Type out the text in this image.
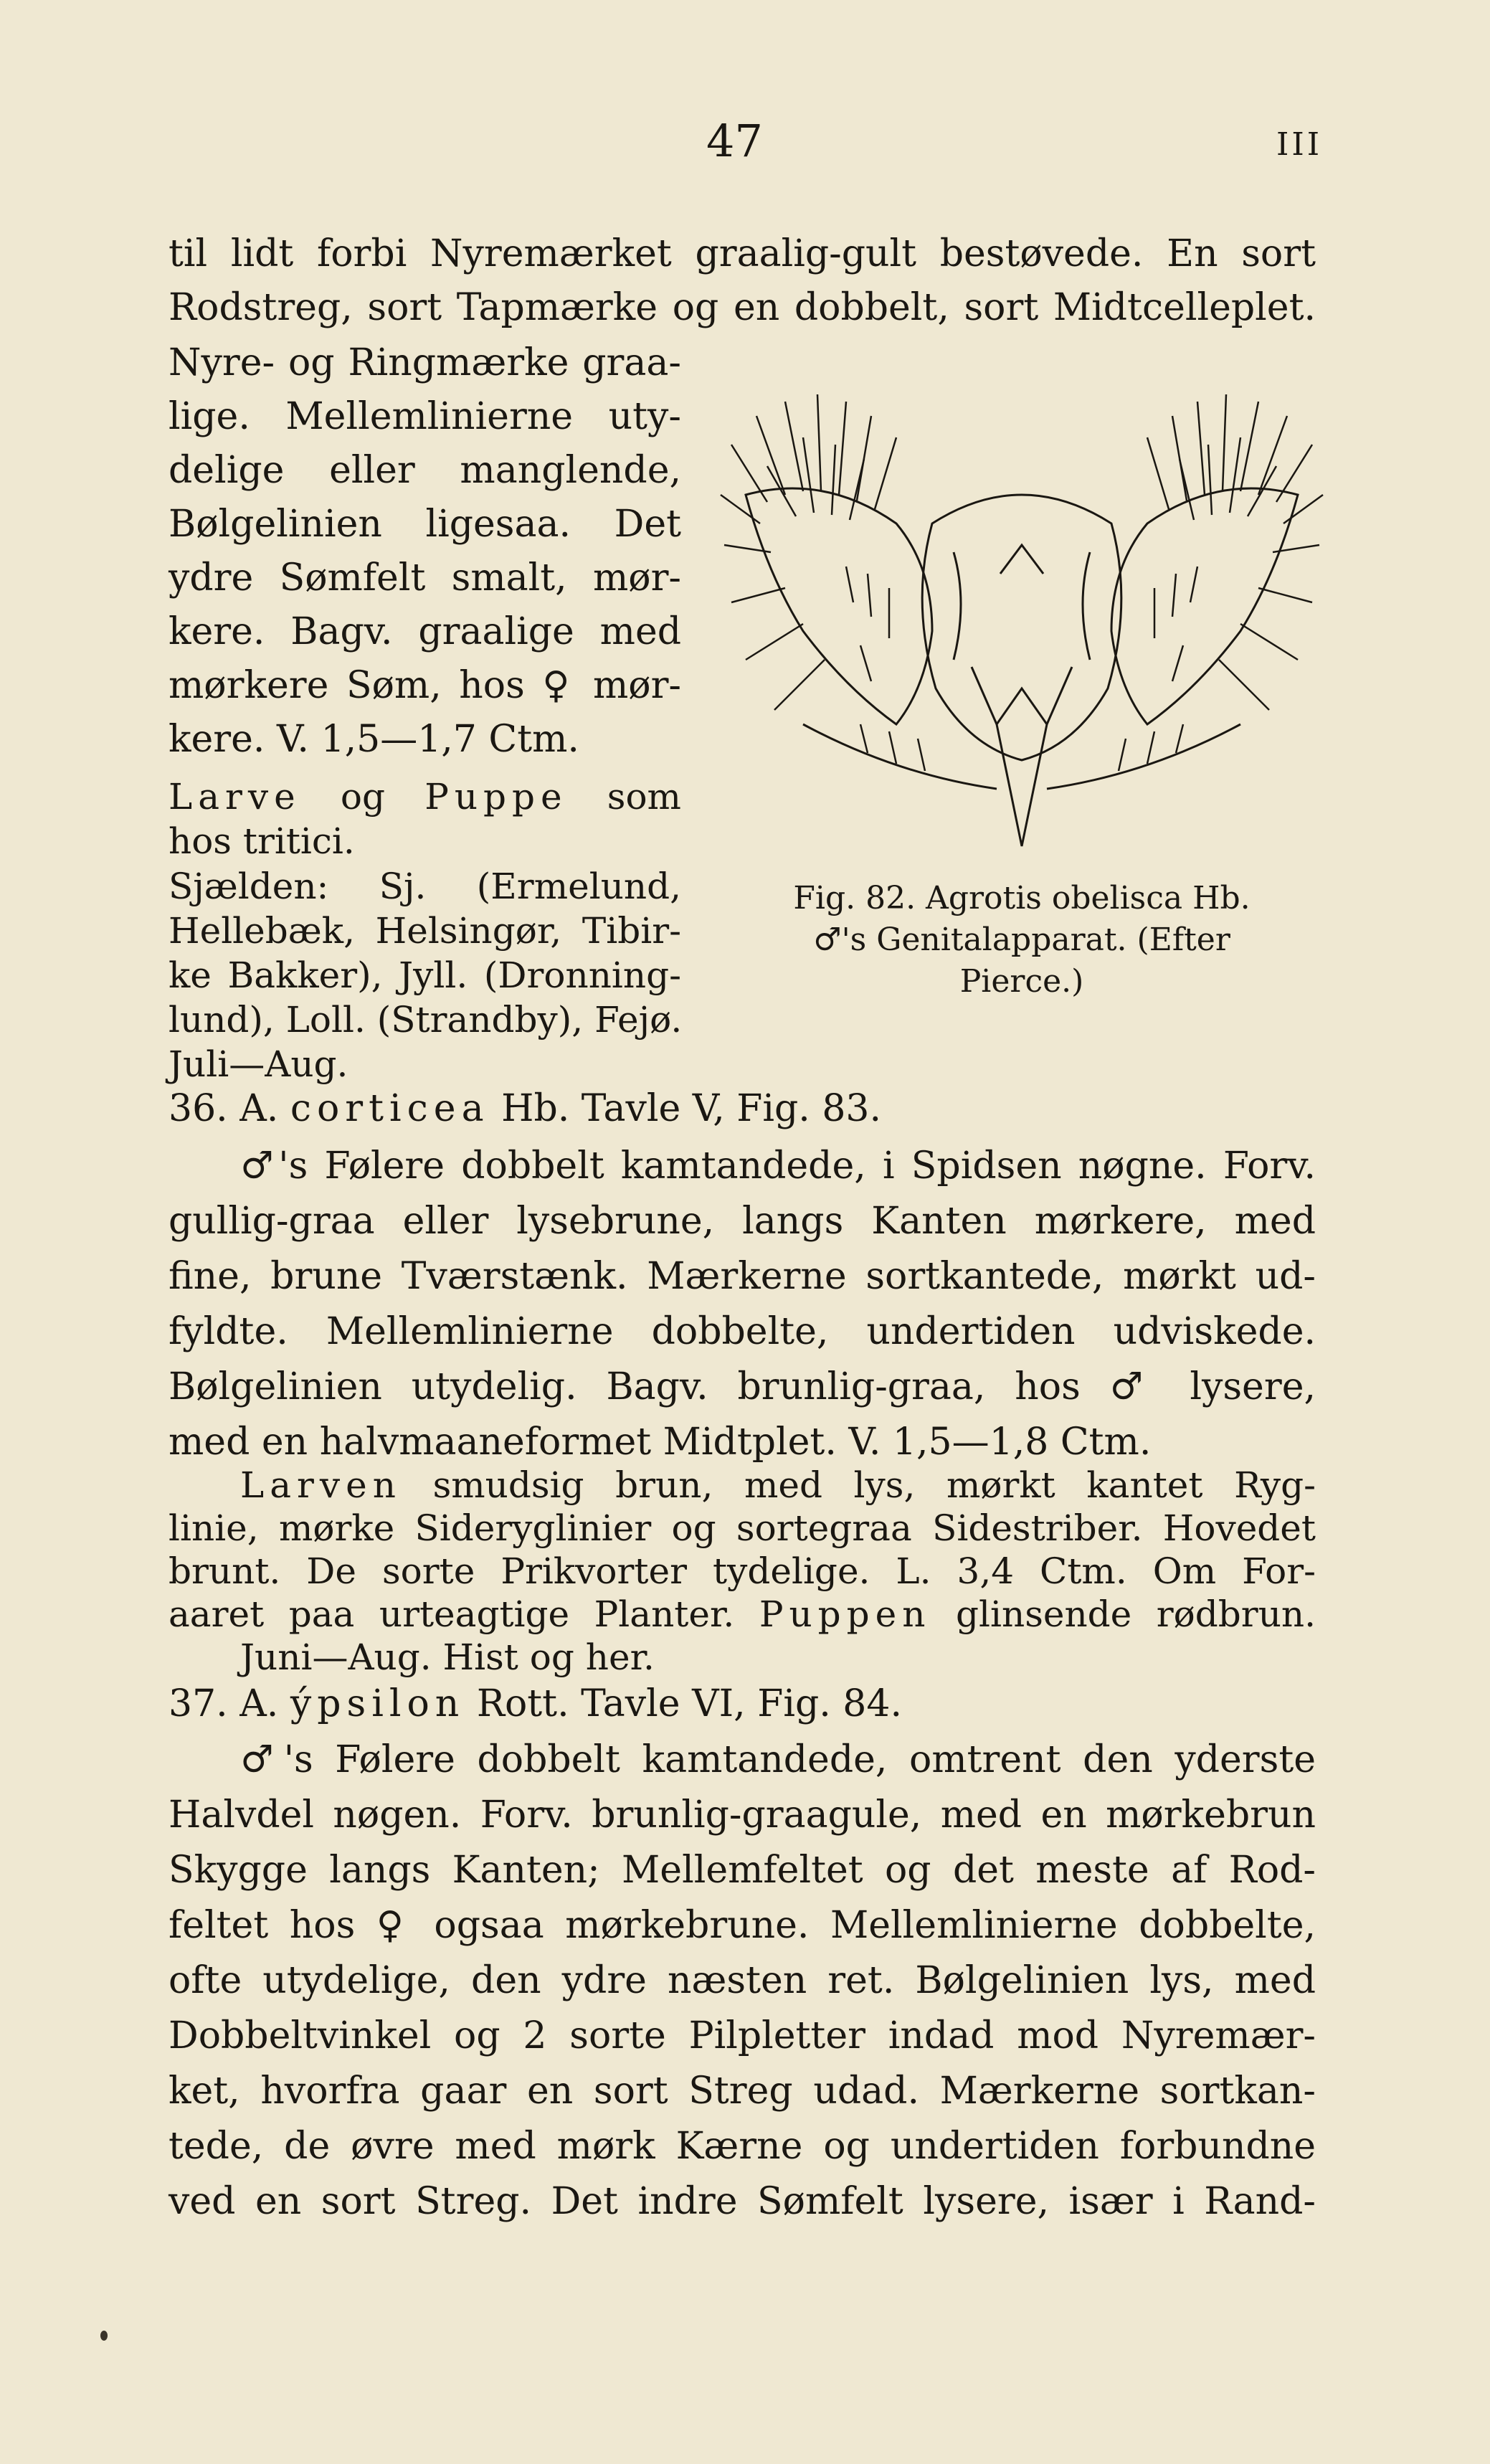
47	III
til lidt forbi Nyremærket graalig-gult bestøvede. En sort
Rodstreg, sort Tapmærke og en dobbelt, sort Midtcelleplet.
Nyre- og Ringmærke graa-
lige. Mellemlinierne uty-
delige eller manglende,
Bølgelinien ligesaa. Det
ydre Sømfelt smalt, mør-
kere. Bagv. graalige med
mørkere Søm, hos ♀ mør-
kere. V. 1,5—1,7 Ctm.
Larve og Puppe som
hos tritici.
Sjælden: Sj. (Ermelund,
Hellebæk, Helsingør, Tibir-
ke Bakker), Jyll. (Dronning-
lund), Loll. (Strandby), Fejø.
Juli—Aug.
Fig. 82. Agrotis obelisca Hb.
♂'s Genitalapparat. (Efter
Pierce.)
36. A. corticea Hb. Tavle V, Fig. 83.
♂'s Følere dobbelt kamtandede, i Spidsen nøgne. Forv.
gullig-graa eller lysebrune, langs Kanten mørkere, med
fine, brune Tværstænk. Mærkerne sortkantede, mørkt ud-
fyldte. Mellemlinierne dobbelte, undertiden udviskede.
Bølgelinien utydelig. Bagv. brunlig-graa, hos ♂ lysere,
med en halvmaaneformet Midtplet. V. 1,5—1,8 Ctm.
Larven smudsig brun, med lys, mørkt kantet Ryg-
linie, mørke Sideryglinier og sortegraa Sidestriber. Hovedet
brunt. De sorte Prikvorter tydelige. L. 3,4 Ctm. Om For-
aaret paa urteagtige Planter. Puppen glinsende rødbrun.
Juni—Aug. Hist og her.
37. A. ýpsilon Rott. Tavle VI, Fig. 84.
♂'s Følere dobbelt kamtandede, omtrent den yderste
Halvdel nøgen. Forv. brunlig-graagule, med en mørkebrun
Skygge langs Kanten; Mellemfeltet og det meste af Rod-
feltet hos ♀ ogsaa mørkebrune. Mellemlinierne dobbelte,
ofte utydelige, den ydre næsten ret. Bølgelinien lys, med
Dobbeltvinkel og 2 sorte Pilpletter indad mod Nyremær-
ket, hvorfra gaar en sort Streg udad. Mærkerne sortkan-
tede, de øvre med mørk Kærne og undertiden forbundne
ved en sort Streg. Det indre Sømfelt lysere, især i Rand-
